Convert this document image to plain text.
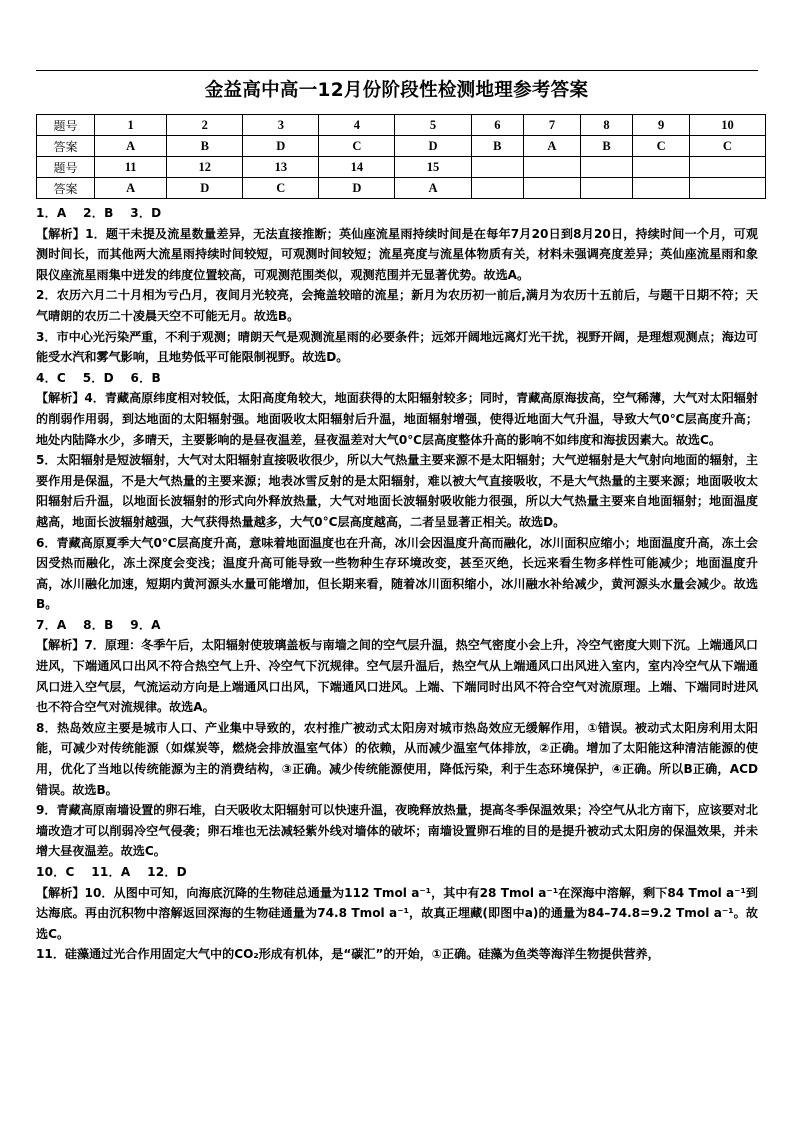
金益高中高一12月份阶段性检测地理参考答案
题号	1	2	3	4	5	6	7	8	9	10
答案	A	B	D	C	D	B	A	B	C	C
题号	11	12	13	14	15					
答案	A	D	C	D	A					

1．A　 2．B　 3．D

【解析】1．题干未提及流星数量差异，无法直接推断；英仙座流星雨持续时间是在每年7月20日到8月20日，持续时间一个月，可观测时间长，而其他两大流星雨持续时间较短，可观测时间较短；流星亮度与流星体物质有关，材料未强调亮度差异；英仙座流星雨和象限仪座流星雨集中迸发的纬度位置较高，可观测范围类似，观测范围并无显著优势。故选A。

2．农历六月二十月相为亏凸月，夜间月光较亮，会掩盖较暗的流星；新月为农历初一前后,满月为农历十五前后，与题干日期不符；天气晴朗的农历二十凌晨天空不可能无月。故选B。

3．市中心光污染严重，不利于观测；晴朗天气是观测流星雨的必要条件；远郊开阔地远离灯光干扰，视野开阔，是理想观测点；海边可能受水汽和雾气影响，且地势低平可能限制视野。故选D。

4．C　 5．D　 6．B

【解析】4．青藏高原纬度相对较低，太阳高度角较大，地面获得的太阳辐射较多；同时，青藏高原海拔高，空气稀薄，大气对太阳辐射的削弱作用弱，到达地面的太阳辐射强。地面吸收太阳辐射后升温，地面辐射增强，使得近地面大气升温，导致大气0℃层高度升高；地处内陆降水少，多晴天，主要影响的是昼夜温差，昼夜温差对大气0℃层高度整体升高的影响不如纬度和海拔因素大。故选C。

5．太阳辐射是短波辐射，大气对太阳辐射直接吸收很少，所以大气热量主要来源不是太阳辐射；大气逆辐射是大气射向地面的辐射，主要作用是保温，不是大气热量的主要来源；地表冰雪反射的是太阳辐射，难以被大气直接吸收，不是大气热量的主要来源；地面吸收太阳辐射后升温，以地面长波辐射的形式向外释放热量，大气对地面长波辐射吸收能力很强，所以大气热量主要来自地面辐射；地面温度越高，地面长波辐射越强，大气获得热量越多，大气0°C层高度越高，二者呈显著正相关。故选D。

6．青藏高原夏季大气0℃层高度升高，意味着地面温度也在升高，冰川会因温度升高而融化，冰川面积应缩小；地面温度升高，冻土会因受热而融化，冻土深度会变浅；温度升高可能导致一些物种生存环境改变，甚至灭绝，长远来看生物多样性可能减少；地面温度升高，冰川融化加速，短期内黄河源头水量可能增加，但长期来看，随着冰川面积缩小，冰川融水补给减少，黄河源头水量会减少。故选B。

7．A　 8．B　 9．A

【解析】7．原理：冬季午后，太阳辐射使玻璃盖板与南墙之间的空气层升温，热空气密度小会上升，冷空气密度大则下沉。上端通风口进风，下端通风口出风不符合热空气上升、冷空气下沉规律。空气层升温后，热空气从上端通风口出风进入室内，室内冷空气从下端通风口进入空气层，气流运动方向是上端通风口出风，下端通风口进风。上端、下端同时出风不符合空气对流原理。上端、下端同时进风也不符合空气对流规律。故选A。

8．热岛效应主要是城市人口、产业集中导致的，农村推广被动式太阳房对城市热岛效应无缓解作用，①错误。被动式太阳房利用太阳能，可减少对传统能源（如煤炭等，燃烧会排放温室气体）的依赖，从而减少温室气体排放，②正确。增加了太阳能这种清洁能源的使用，优化了当地以传统能源为主的消费结构，③正确。减少传统能源使用，降低污染，利于生态环境保护，④正确。所以B正确，ACD错误。故选B。

9．青藏高原南墙设置的卵石堆，白天吸收太阳辐射可以快速升温，夜晚释放热量，提高冬季保温效果；冷空气从北方南下，应该要对北墙改造才可以削弱冷空气侵袭；卵石堆也无法减轻紫外线对墙体的破坏；南墙设置卵石堆的目的是提升被动式太阳房的保温效果，并未增大昼夜温差。故选C。

10．C　 11．A　 12．D

【解析】10．从图中可知，向海底沉降的生物硅总通量为112 Tmol a⁻¹，其中有28 Tmol a⁻¹在深海中溶解，剩下84 Tmol a⁻¹到达海底。再由沉积物中溶解返回深海的生物硅通量为74.8 Tmol a⁻¹，故真正埋藏(即图中a)的通量为84–74.8=9.2 Tmol a⁻¹。故选C。

11．硅藻通过光合作用固定大气中的CO₂形成有机体，是“碳汇”的开始，①正确。硅藻为鱼类等海洋生物提供营养，
